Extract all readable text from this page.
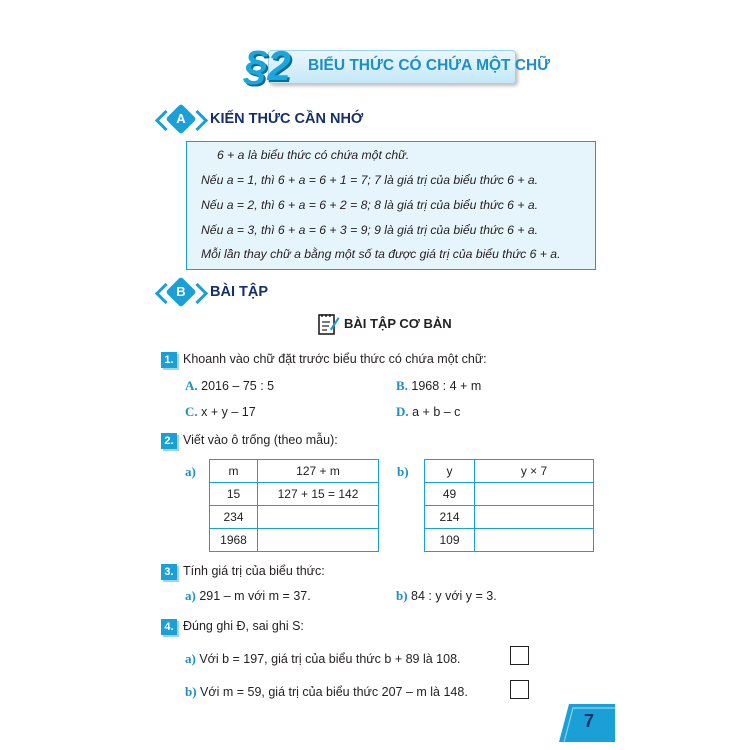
§2 BIỂU THỨC CÓ CHỨA MỘT CHỮ
A	KIẾN THỨC CẦN NHỚ
6 + a là biểu thức có chứa một chữ.
Nếu a = 1, thì 6 + a = 6 + 1 = 7; 7 là giá trị của biểu thức 6 + a.
Nếu a = 2, thì 6 + a = 6 + 2 = 8; 8 là giá trị của biểu thức 6 + a.
Nếu a = 3, thì 6 + a = 6 + 3 = 9; 9 là giá trị của biểu thức 6 + a.
Mỗi lần thay chữ a bằng một số ta được giá trị của biểu thức 6 + a.
B	BÀI TẬP
BÀI TẬP CƠ BẢN
1. Khoanh vào chữ đặt trước biểu thức có chứa một chữ:
A. 2016 – 75 : 5	B. 1968 : 4 + m
C. x + y – 17	D. a + b – c
2. Viết vào ô trống (theo mẫu):
a)	m	127 + m
15	127 + 15 = 142
234	
1968	
b)	y	y × 7
49	
214	
109	
3. Tính giá trị của biểu thức:
a) 291 – m với m = 37.	b) 84 : y với y = 3.
4. Đúng ghi Đ, sai ghi S:
a) Với b = 197, giá trị của biểu thức b + 89 là 108.
b) Với m = 59, giá trị của biểu thức 207 – m là 148.
7
